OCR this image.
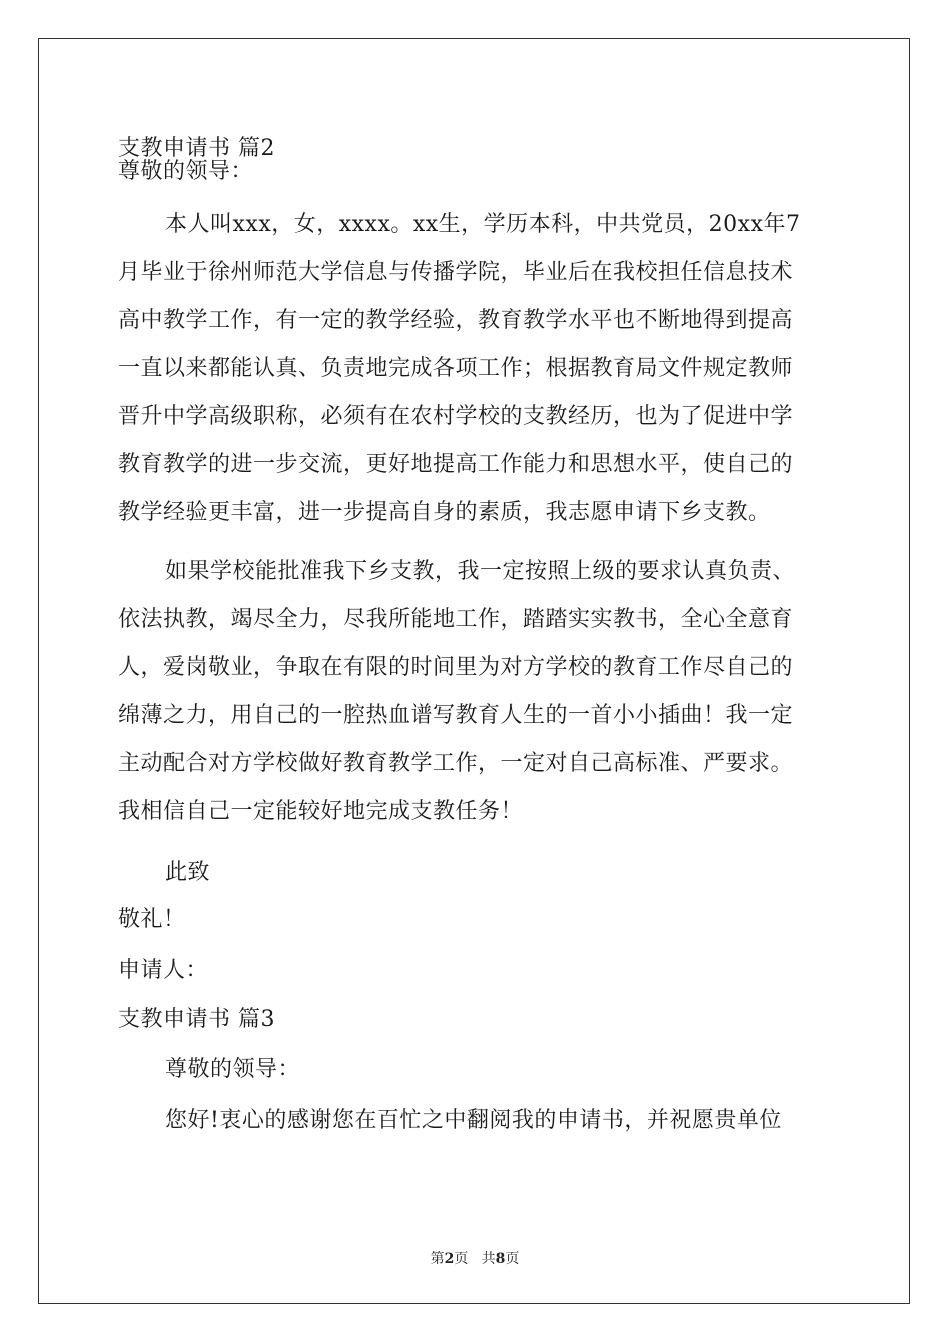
支教申请书 篇2
尊敬的领导：
本人叫xxx，女，xxxx。xx生，学历本科，中共党员，20xx年7
月毕业于徐州师范大学信息与传播学院，毕业后在我校担任信息技术
高中教学工作，有一定的教学经验，教育教学水平也不断地得到提高
一直以来都能认真、负责地完成各项工作；根据教育局文件规定教师
晋升中学高级职称，必须有在农村学校的支教经历，也为了促进中学
教育教学的进一步交流，更好地提高工作能力和思想水平，使自己的
教学经验更丰富，进一步提高自身的素质，我志愿申请下乡支教。
如果学校能批准我下乡支教，我一定按照上级的要求认真负责、
依法执教，竭尽全力，尽我所能地工作，踏踏实实教书，全心全意育
人，爱岗敬业，争取在有限的时间里为对方学校的教育工作尽自己的
绵薄之力，用自己的一腔热血谱写教育人生的一首小小插曲！我一定
主动配合对方学校做好教育教学工作，一定对自己高标准、严要求。
我相信自己一定能较好地完成支教任务！
此致
敬礼！
申请人：
支教申请书 篇3
尊敬的领导：
您好!衷心的感谢您在百忙之中翻阅我的申请书，并祝愿贵单位
第2页   共8页
